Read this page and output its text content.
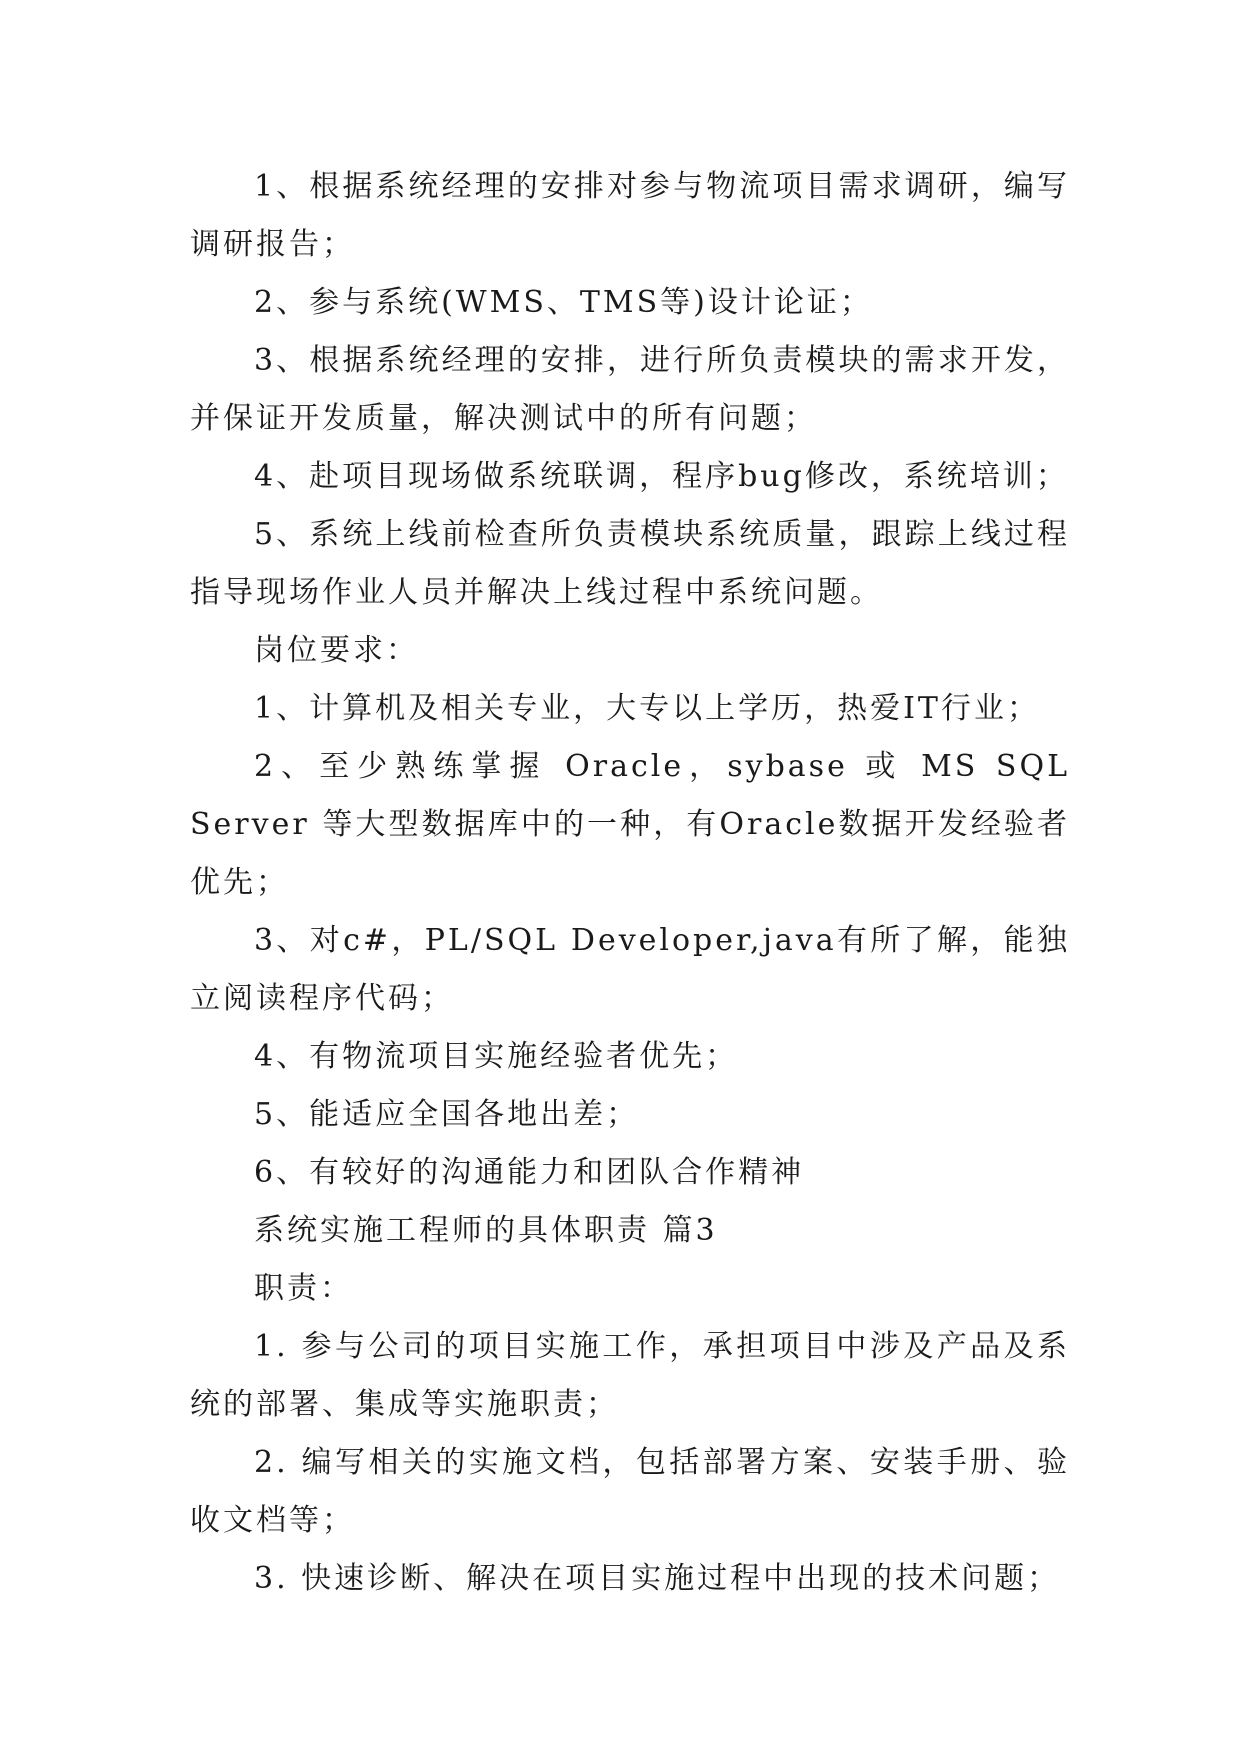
1、根据系统经理的安排对参与物流项目需求调研，编写调研报告；

2、参与系统(WMS、TMS等)设计论证；

3、根据系统经理的安排，进行所负责模块的需求开发，并保证开发质量，解决测试中的所有问题；

4、赴项目现场做系统联调，程序bug修改，系统培训；

5、系统上线前检查所负责模块系统质量，跟踪上线过程指导现场作业人员并解决上线过程中系统问题。

岗位要求：

1、计算机及相关专业，大专以上学历，热爱IT行业；

2、至少熟练掌握 Oracle，sybase 或 MS SQL Server 等大型数据库中的一种，有Oracle数据开发经验者优先；

3、对c#，PL/SQL Developer,java有所了解，能独立阅读程序代码；

4、有物流项目实施经验者优先；

5、能适应全国各地出差；

6、有较好的沟通能力和团队合作精神

系统实施工程师的具体职责 篇3

职责：

1. 参与公司的项目实施工作，承担项目中涉及产品及系统的部署、集成等实施职责；

2. 编写相关的实施文档，包括部署方案、安装手册、验收文档等；

3. 快速诊断、解决在项目实施过程中出现的技术问题；
